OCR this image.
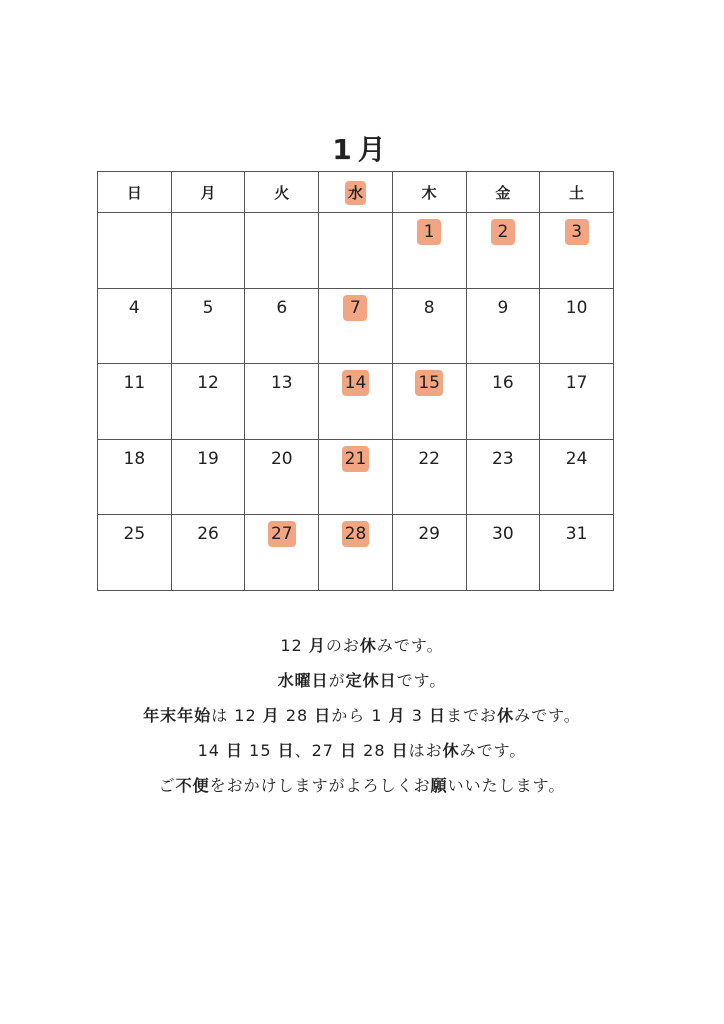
1月
日	月	火	水	木	金	土
				1	2	3
4	5	6	7	8	9	10
11	12	13	14	15	16	17
18	19	20	21	22	23	24
25	26	27	28	29	30	31
12 月のお休みです。
水曜日が定休日です。
年末年始は 12 月 28 日から 1 月 3 日までお休みです。
14 日 15 日、27 日 28 日はお休みです。
ご不便をおかけしますがよろしくお願いいたします。
